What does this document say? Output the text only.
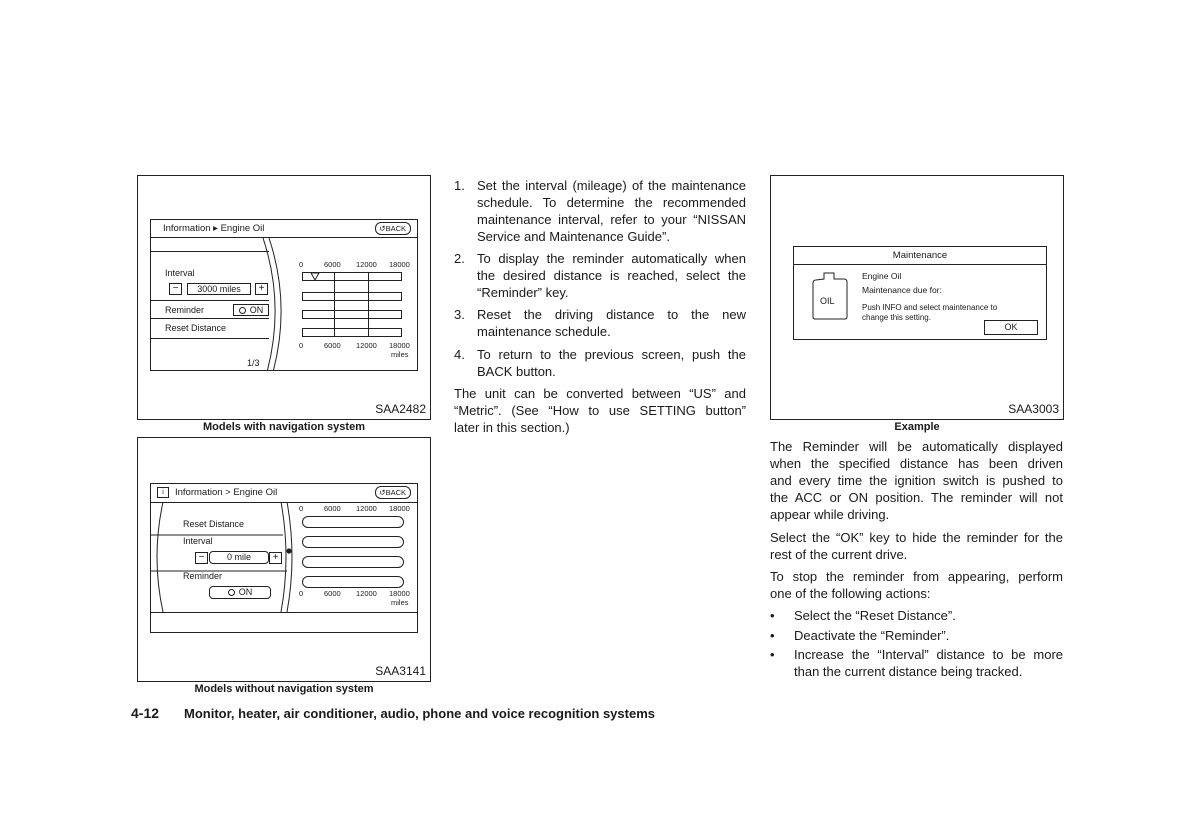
Information ▸ Engine Oil	↺BACK
Interval
−	3000 miles	+
Reminder	ON
Reset Distance
1/3
0	6000 12000 18000
0	6000 12000 18000
miles
SAA2482
Models with navigation system
i	Information > Engine Oil	↺BACK
Reset Distance
Interval
−	0 mile	+
Reminder
ON
0	6000 12000 18000
0	6000 12000 18000
miles
SAA3141
Models without navigation system
1. Set the interval (mileage) of the maintenance
schedule. To determine the recommended
maintenance interval, refer to your “NISSAN
Service and Maintenance Guide”.
2. To display the reminder automatically when
the desired distance is reached, select the
“Reminder” key.
3. Reset the driving distance to the new
maintenance schedule.
4. To return to the previous screen, push the
BACK button.
The unit can be converted between “US” and
“Metric”. (See “How to use SETTING button”
later in this section.)
Maintenance
OIL
Engine Oil
Maintenance due for:
Push INFO and select maintenance to
change this setting.
OK
SAA3003
Example
The Reminder will be automatically displayed
when the specified distance has been driven
and every time the ignition switch is pushed to
the ACC or ON position. The reminder will not
appear while driving.
Select the “OK” key to hide the reminder for the
rest of the current drive.
To stop the reminder from appearing, perform
one of the following actions:
• Select the “Reset Distance”.
• Deactivate the “Reminder”.
• Increase the “Interval” distance to be more
than the current distance being tracked.
4-12 Monitor, heater, air conditioner, audio, phone and voice recognition systems
